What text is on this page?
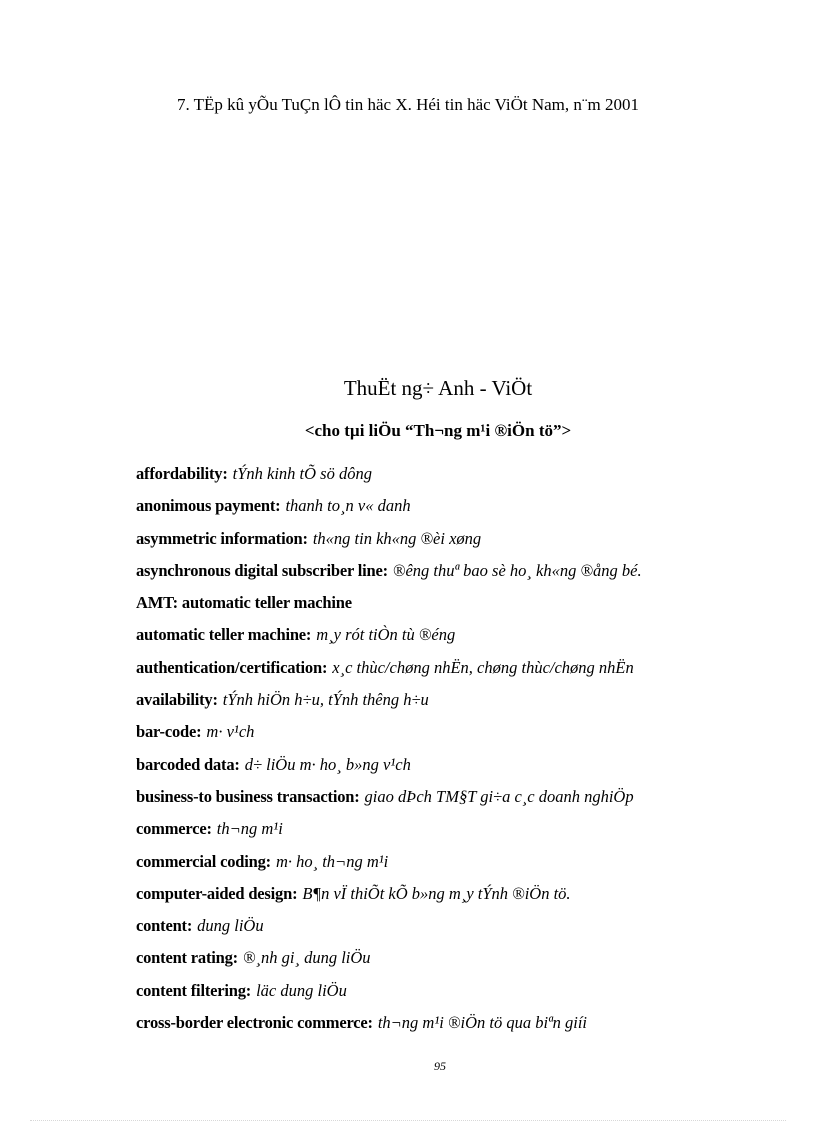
7. TËp kû yÕu TuÇn lÔ tin häc X. Héi tin häc ViÖt Nam, n¨m 2001
ThuËt ng÷ Anh - ViÖt
<cho tµi liÖu “Th¬ng m¹i ®iÖn tö”>
affordability: tÝnh kinh tÕ sö dông
anonimous payment: thanh to¸n v« danh
asymmetric information: th«ng tin kh«ng ®èi xøng
asynchronous digital subscriber line: ®êng thuª bao sè ho¸ kh«ng ®ång bé.
AMT: automatic teller machine
automatic teller machine: m¸y rót tiÒn tù ®éng
authentication/certification: x¸c thùc/chøng nhËn, chøng thùc/chøng nhËn
availability: tÝnh hiÖn h÷u, tÝnh thêng h÷u
bar-code: m· v¹ch
barcoded data: d÷ liÖu m· ho¸ b»ng v¹ch
business-to business transaction: giao dÞch TM§T gi÷a c¸c doanh nghiÖp
commerce: th¬ng m¹i
commercial coding: m· ho¸ th¬ng m¹i
computer-aided design: B¶n vÏ thiÕt kÕ b»ng m¸y tÝnh ®iÖn tö.
content: dung liÖu
content rating: ®¸nh gi¸ dung liÖu
content filtering: läc dung liÖu
cross-border electronic commerce: th¬ng m¹i ®iÖn tö qua biªn giíi
95
